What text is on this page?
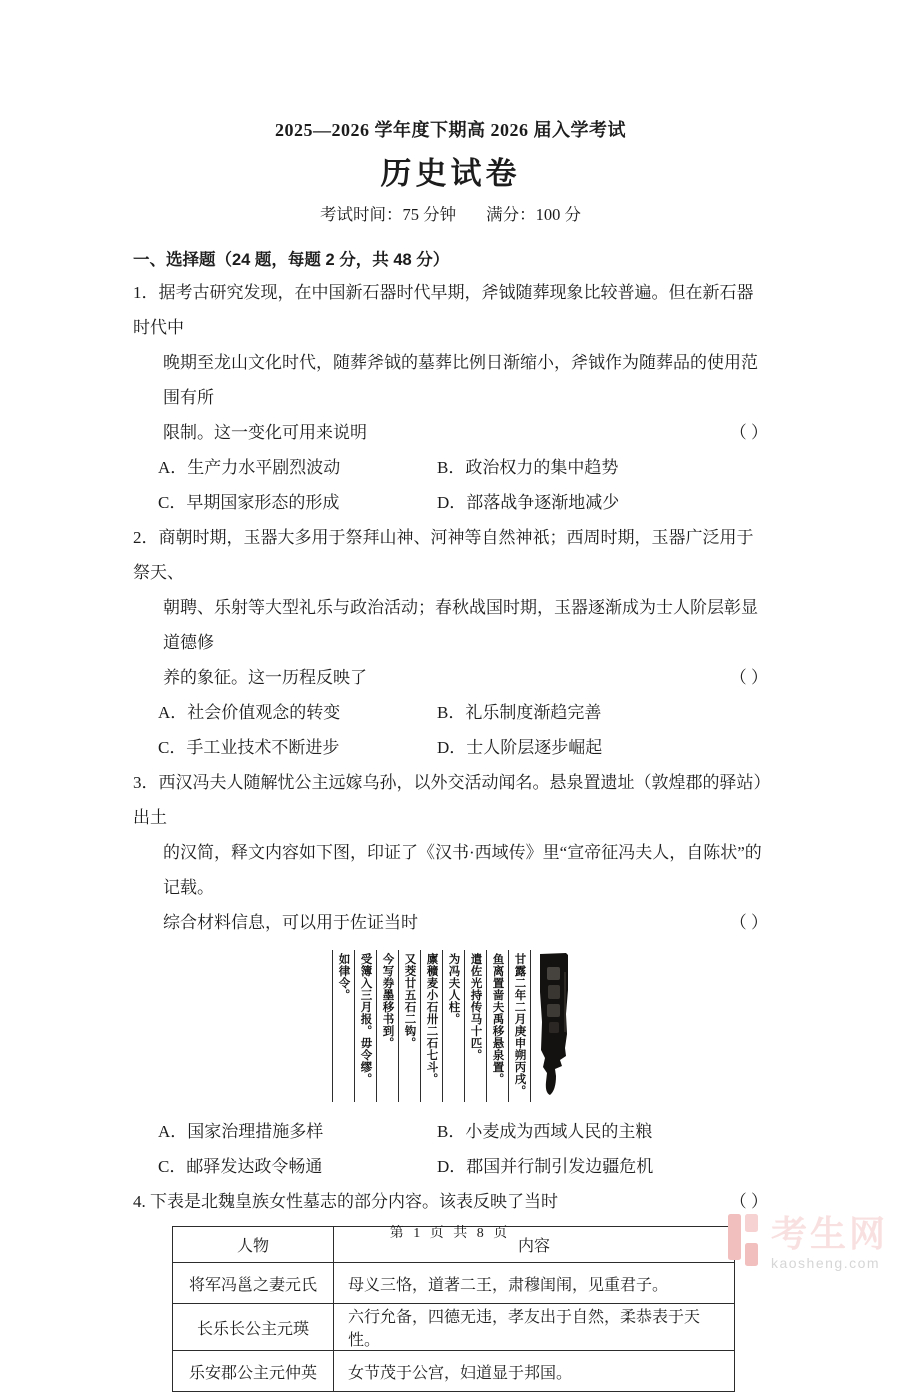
2025—2026 学年度下期高 2026 届入学考试
历史试卷
考试时间：75 分钟 满分：100 分
一、选择题（24 题，每题 2 分，共 48 分）
1．据考古研究发现，在中国新石器时代早期，斧钺随葬现象比较普遍。但在新石器时代中
晚期至龙山文化时代，随葬斧钺的墓葬比例日渐缩小，斧钺作为随葬品的使用范围有所
限制。这一变化可用来说明	（ ）
A．生产力水平剧烈波动	B．政治权力的集中趋势
C．早期国家形态的形成	D．部落战争逐渐地减少
2．商朝时期，玉器大多用于祭拜山神、河神等自然神祇；西周时期，玉器广泛用于祭天、
朝聘、乐射等大型礼乐与政治活动；春秋战国时期，玉器逐渐成为士人阶层彰显道德修
养的象征。这一历程反映了	（ ）
A．社会价值观念的转变	B．礼乐制度渐趋完善
C．手工业技术不断进步	D．士人阶层逐步崛起
3．西汉冯夫人随解忧公主远嫁乌孙，以外交活动闻名。悬泉置遗址（敦煌郡的驿站）出土
的汉简，释文内容如下图，印证了《汉书·西域传》里“宣帝征冯夫人，自陈状”的记载。
综合材料信息，可以用于佐证当时	（ ）
甘露二年二月庚申朔丙戌。
鱼离置啬夫禹移悬泉置。
遣佐光持传马十匹。
为冯夫人柱。
廪穬麦小石卅二石七斗。
又茭廿五石二钩。
今写券墨移书到。
受簿入三月报。毋令缪。
如律令。
A．国家治理措施多样	B．小麦成为西域人民的主粮
C．邮驿发达政令畅通	D．郡国并行制引发边疆危机
4. 下表是北魏皇族女性墓志的部分内容。该表反映了当时	（ ）
人物	内容
将军冯邕之妻元氏	母义三恪，道著二王，肃穆闺闱，见重君子。
长乐长公主元瑛	六行允备，四德无违，孝友出于自然，柔恭表于天性。
乐安郡公主元仲英	女节茂于公宫，妇道显于邦国。
第 1 页 共 8 页	考生网
kaosheng.com
